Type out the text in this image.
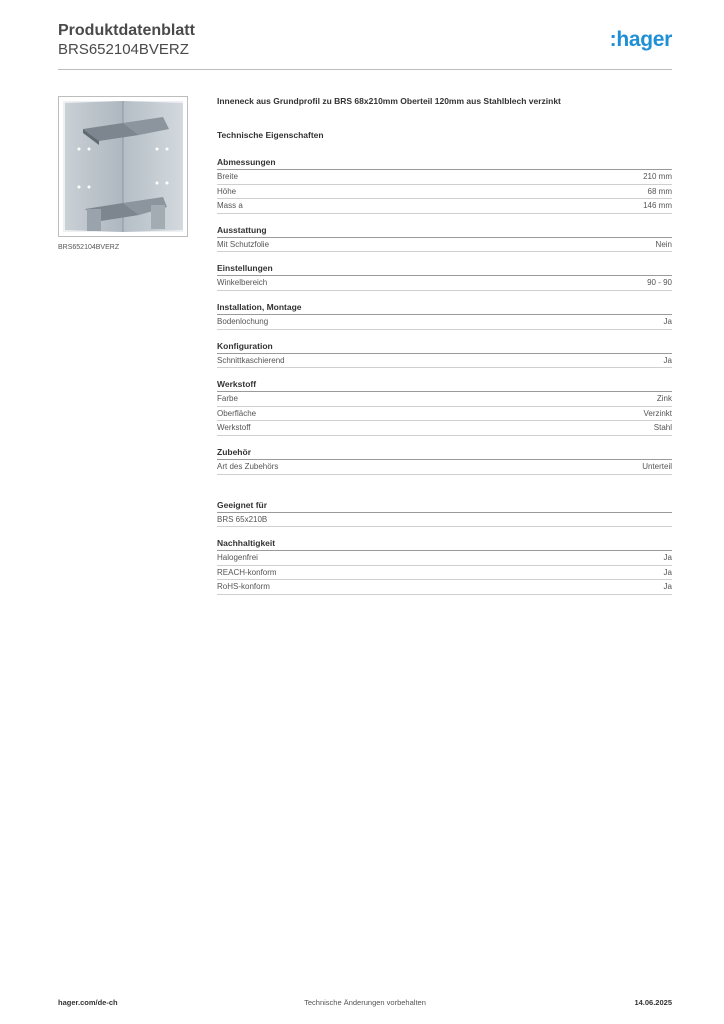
Produktdatenblatt
BRS652104BVERZ	:hager
BRS652104BVERZ
Inneneck aus Grundprofil zu BRS 68x210mm Oberteil 120mm aus Stahlblech verzinkt
Technische Eigenschaften
Abmessungen
Breite	210 mm
Höhe	68 mm
Mass a	146 mm
Ausstattung
Mit Schutzfolie	Nein
Einstellungen
Winkelbereich	90 - 90
Installation, Montage
Bodenlochung	Ja
Konfiguration
Schnittkaschierend	Ja
Werkstoff
Farbe	Zink
Oberfläche	Verzinkt
Werkstoff	Stahl
Zubehör
Art des Zubehörs	Unterteil
Geeignet für
BRS 65x210B
Nachhaltigkeit
Halogenfrei	Ja
REACH-konform	Ja
RoHS-konform	Ja
hager.com/de-ch	Technische Änderungen vorbehalten	14.06.2025
